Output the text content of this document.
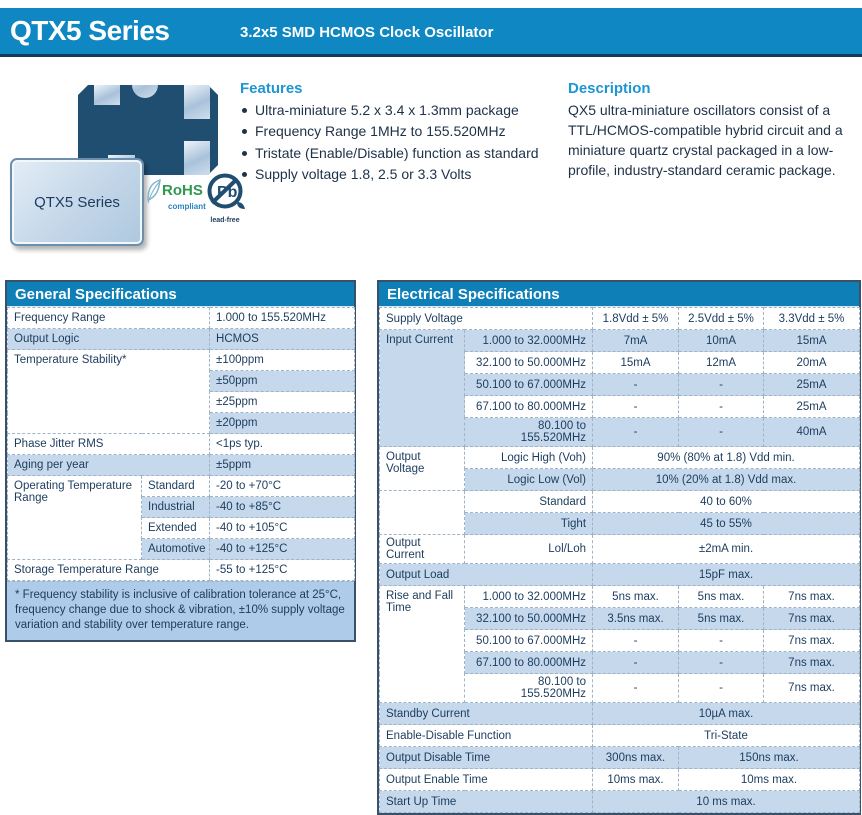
QTX5 Series	3.2x5 SMD HCMOS Clock Oscillator
QTX5 Series
RoHS
compliant
Pb
lead-free
Features
Ultra-miniature 5.2 x 3.4 x 1.3mm package
Frequency Range 1MHz to 155.520MHz
Tristate (Enable/Disable) function as standard
Supply voltage 1.8, 2.5 or 3.3 Volts
Description

QX5 ultra-miniature oscillators consist of a TTL/HCMOS-compatible hybrid circuit and a miniature quartz crystal packaged in a low-profile, industry-standard ceramic package.

General Specifications
Frequency Range		1.000 to 155.520MHz
Output Logic		HCMOS
Temperature Stability*		±100ppm
		±50ppm
		±25ppm
		±20ppm
Phase Jitter RMS		<1ps typ.
Aging per year		±5ppm
Operating Temperature Range	Standard	-20 to +70°C
	Industrial	-40 to +85°C
	Extended	-40 to +105°C
	Automotive	-40 to +125°C
Storage Temperature Range		-55 to +125°C
* Frequency stability is inclusive of calibration tolerance at 25°C, frequency change due to shock & vibration, ±10% supply voltage variation and stability over temperature range.
Electrical Specifications
Supply Voltage		1.8Vdd ± 5%	2.5Vdd ± 5%	3.3Vdd ± 5%
Input Current	1.000 to 32.000MHz	7mA	10mA	15mA
	32.100 to 50.000MHz	15mA	12mA	20mA
	50.100 to 67.000MHz	-	-	25mA
	67.100 to 80.000MHz	-	-	25mA
	80.100 to 155.520MHz	-	-	40mA
Output Voltage	Logic High (Voh)	90% (80% at 1.8) Vdd min.		
	Logic Low (Vol)	10% (20% at 1.8) Vdd max.		
	Standard	40 to 60%		
	Tight	45 to 55%		
Output Current	Lol/Loh	±2mA min.		
Output Load		15pF max.		
Rise and Fall Time	1.000 to 32.000MHz	5ns max.	5ns max.	7ns max.
	32.100 to 50.000MHz	3.5ns max.	5ns max.	7ns max.
	50.100 to 67.000MHz	-	-	7ns max.
	67.100 to 80.000MHz	-	-	7ns max.
	80.100 to 155.520MHz	-	-	7ns max.
Standby Current		10µA max.		
Enable-Disable Function		Tri-State		
Output Disable Time		300ns max.	150ns max.	
Output Enable Time		10ms max.	10ms max.	
Start Up Time		10 ms max.		
